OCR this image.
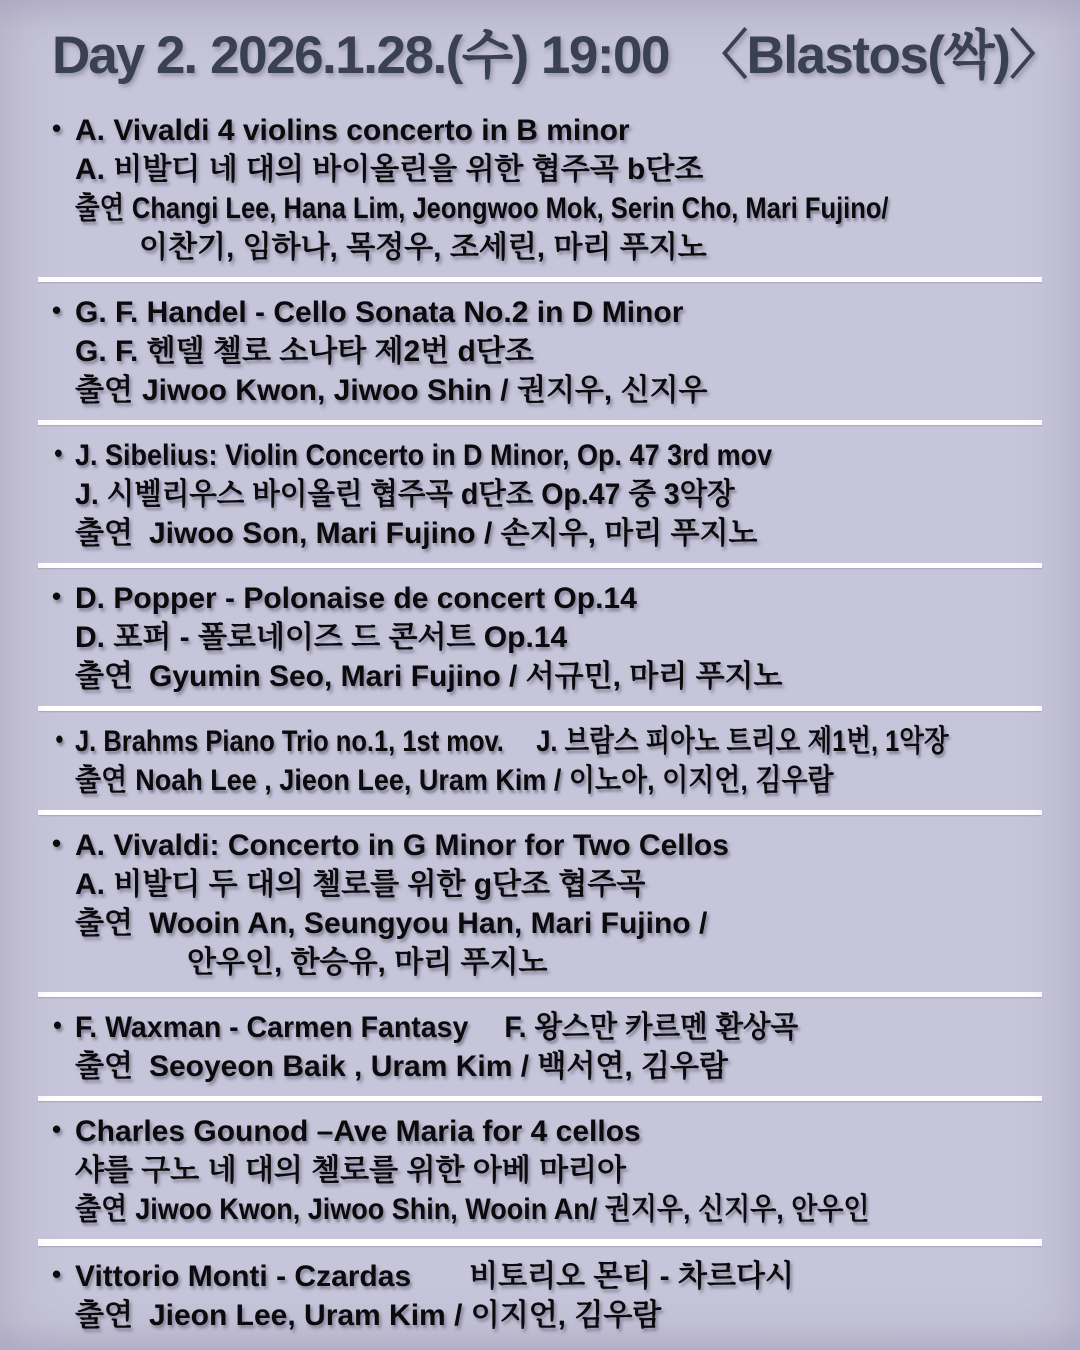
Day 2. 2026.1.28.(수) 19:00 〈Blastos(싹)〉
• A. Vivaldi 4 violins concerto in B minor
A. 비발디 네 대의 바이올린을 위한 협주곡 b단조
출연 Changi Lee, Hana Lim, Jeongwoo Mok, Serin Cho, Mari Fujino/
이찬기, 임하나, 목정우, 조세린, 마리 푸지노
• G. F. Handel - Cello Sonata No.2 in D Minor
G. F. 헨델 첼로 소나타 제2번 d단조
출연 Jiwoo Kwon, Jiwoo Shin / 권지우, 신지우
• J. Sibelius: Violin Concerto in D Minor, Op. 47 3rd mov
J. 시벨리우스 바이올린 협주곡 d단조 Op.47 중 3악장
출연 Jiwoo Son, Mari Fujino / 손지우, 마리 푸지노
• D. Popper - Polonaise de concert Op.14
D. 포퍼 - 폴로네이즈 드 콘서트 Op.14
출연 Gyumin Seo, Mari Fujino / 서규민, 마리 푸지노
• J. Brahms Piano Trio no.1, 1st mov. J. 브람스 피아노 트리오 제1번, 1악장
출연 Noah Lee , Jieon Lee, Uram Kim / 이노아, 이지언, 김우람
• A. Vivaldi: Concerto in G Minor for Two Cellos
A. 비발디 두 대의 첼로를 위한 g단조 협주곡
출연 Wooin An, Seungyou Han, Mari Fujino /
안우인, 한승유, 마리 푸지노
• F. Waxman - Carmen Fantasy F. 왕스만 카르멘 환상곡
출연 Seoyeon Baik , Uram Kim / 백서연, 김우람
• Charles Gounod –Ave Maria for 4 cellos
샤를 구노 네 대의 첼로를 위한 아베 마리아
출연 Jiwoo Kwon, Jiwoo Shin, Wooin An/ 권지우, 신지우, 안우인
• Vittorio Monti - Czardas 비토리오 몬티 - 차르다시
출연 Jieon Lee, Uram Kim / 이지언, 김우람
